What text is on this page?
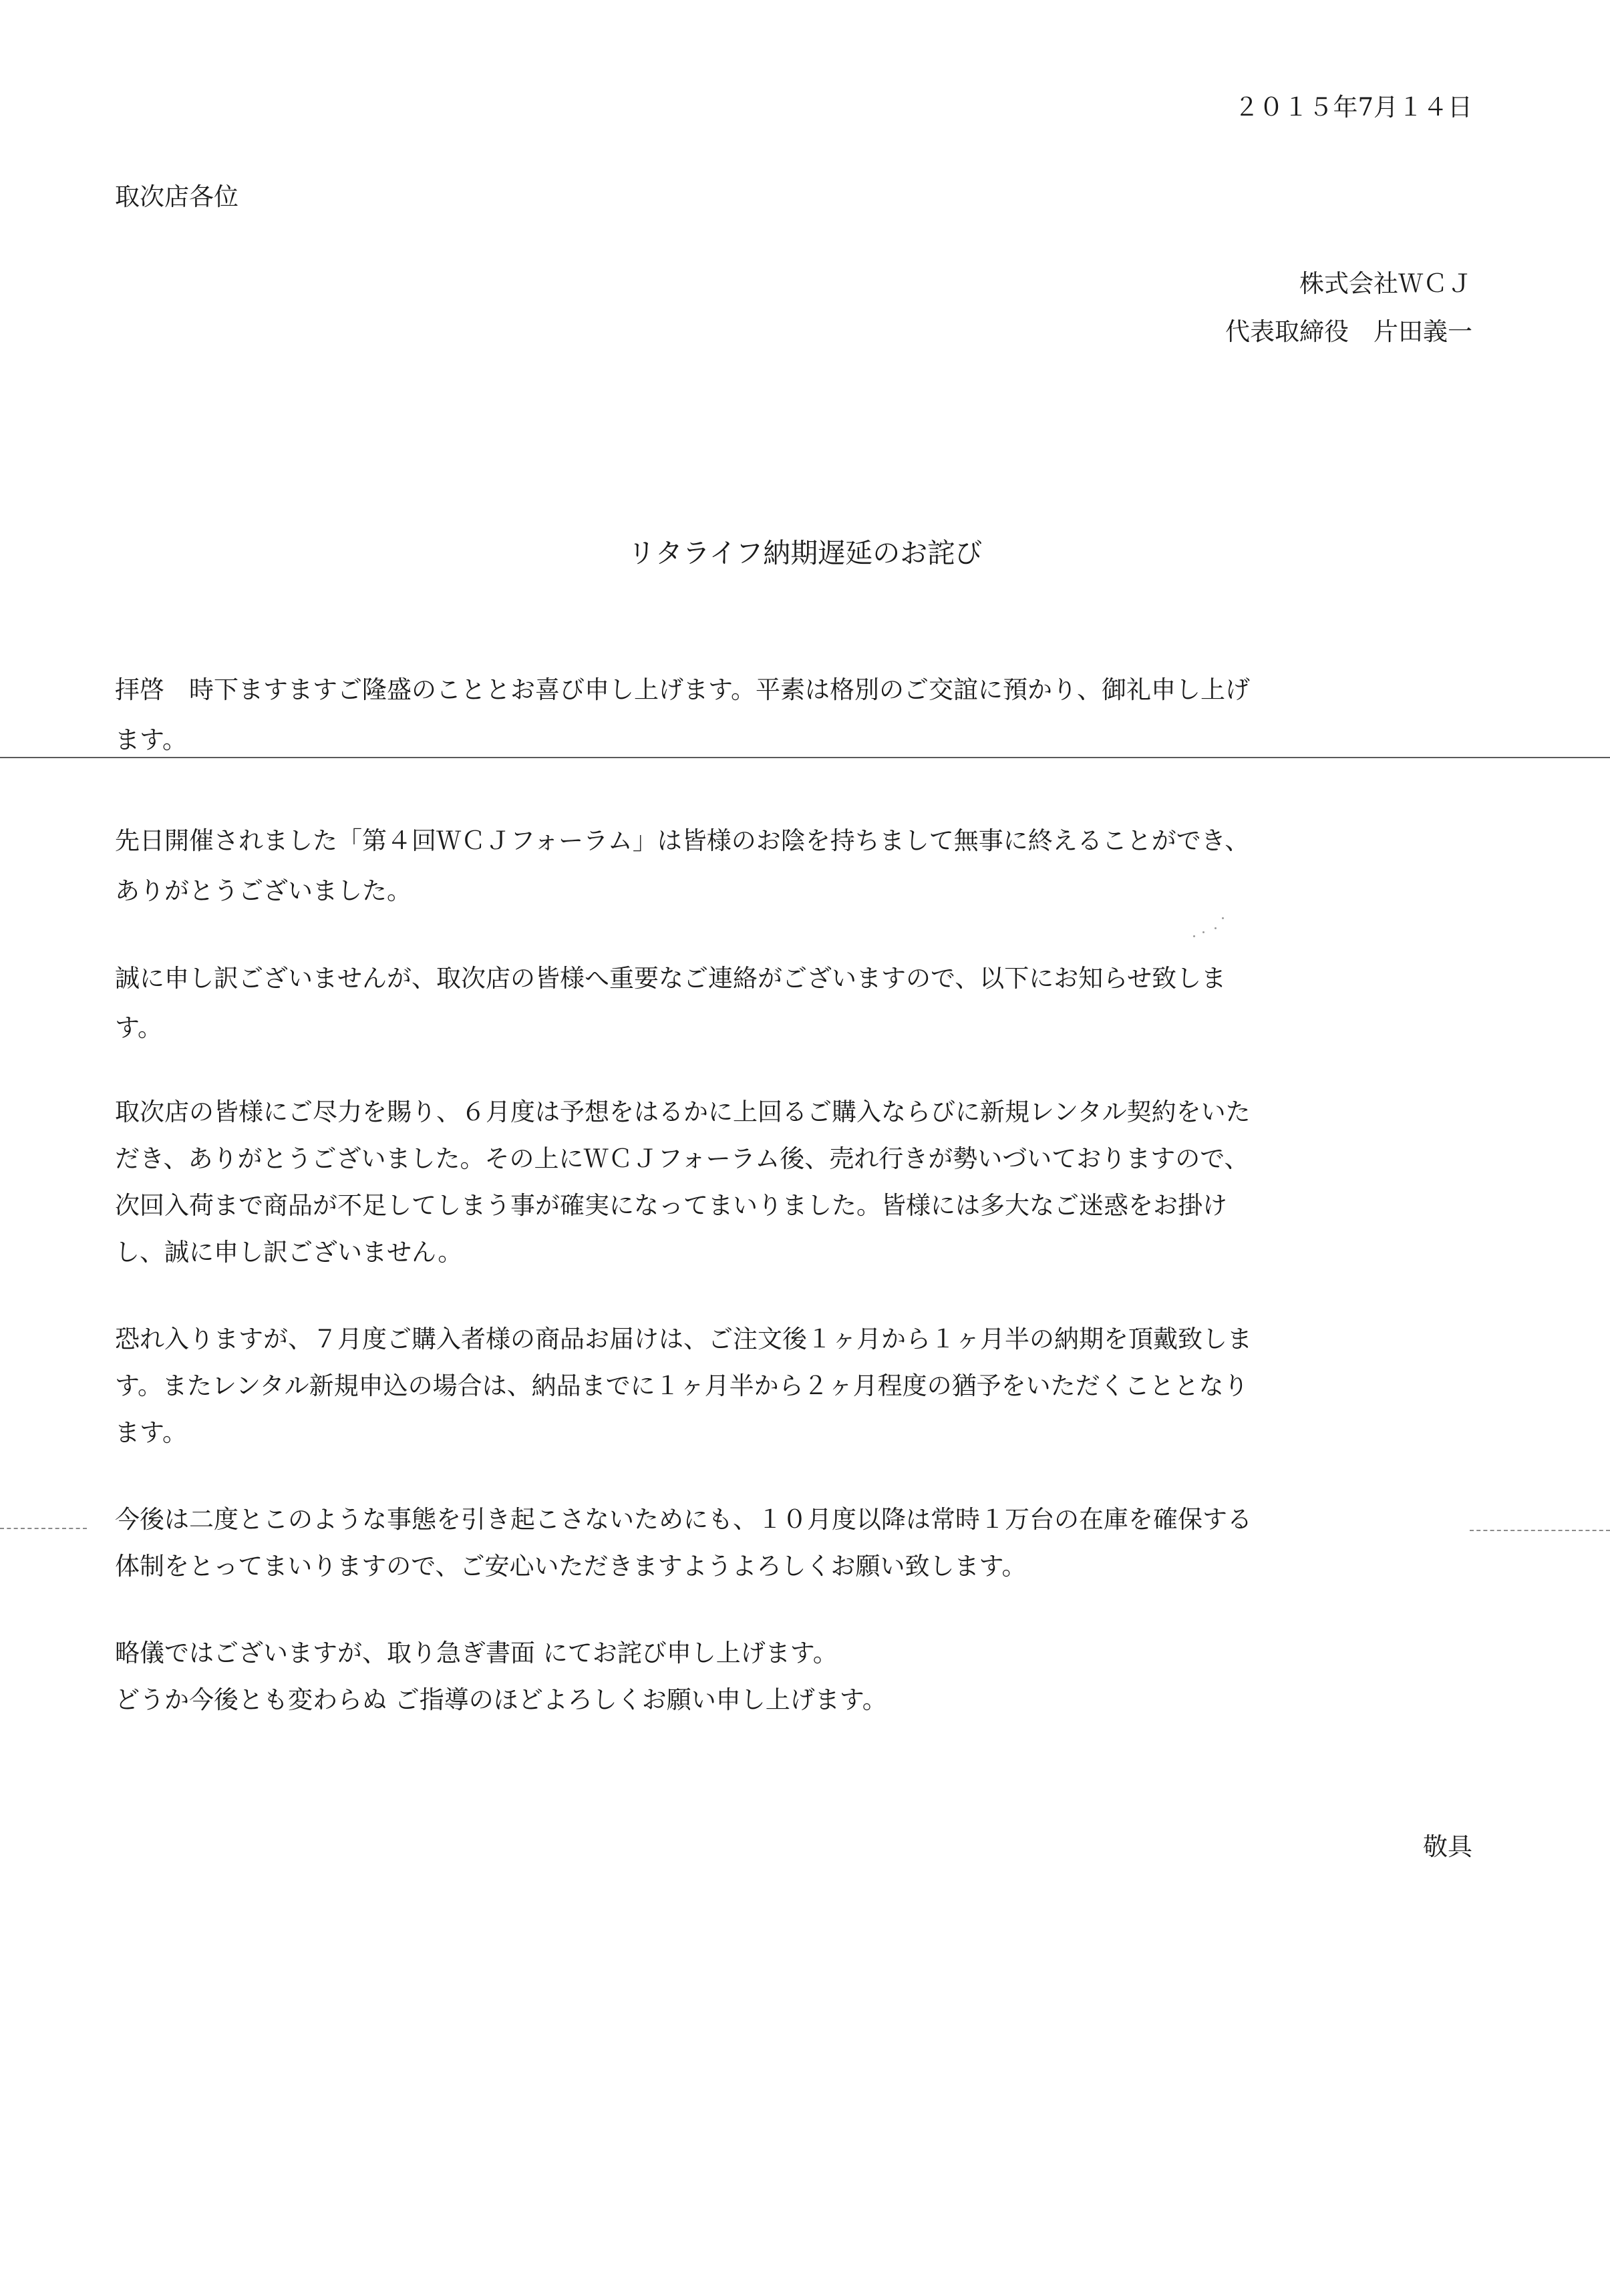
２０１５年7月１４日
取次店各位
株式会社ＷＣＪ
代表取締役　片田義一
リタライフ納期遅延のお詫び
拝啓　時下ますますご隆盛のこととお喜び申し上げます。平素は格別のご交誼に預かり、御礼申し上げ
ます。
先日開催されました「第４回ＷＣＪフォーラム」は皆様のお陰を持ちまして無事に終えることができ、
ありがとうございました。
誠に申し訳ございませんが、取次店の皆様へ重要なご連絡がございますので、以下にお知らせ致しま
す。
取次店の皆様にご尽力を賜り、６月度は予想をはるかに上回るご購入ならびに新規レンタル契約をいた
だき、ありがとうございました。その上にＷＣＪフォーラム後、売れ行きが勢いづいておりますので、
次回入荷まで商品が不足してしまう事が確実になってまいりました。皆様には多大なご迷惑をお掛け
し、誠に申し訳ございません。
恐れ入りますが、７月度ご購入者様の商品お届けは、ご注文後１ヶ月から１ヶ月半の納期を頂戴致しま
す。またレンタル新規申込の場合は、納品までに１ヶ月半から２ヶ月程度の猶予をいただくこととなり
ます。
今後は二度とこのような事態を引き起こさないためにも、１０月度以降は常時１万台の在庫を確保する
体制をとってまいりますので、ご安心いただきますようよろしくお願い致します。
略儀ではございますが、取り急ぎ書面 にてお詫び申し上げます。
どうか今後とも変わらぬ ご指導のほどよろしくお願い申し上げます。
敬具
